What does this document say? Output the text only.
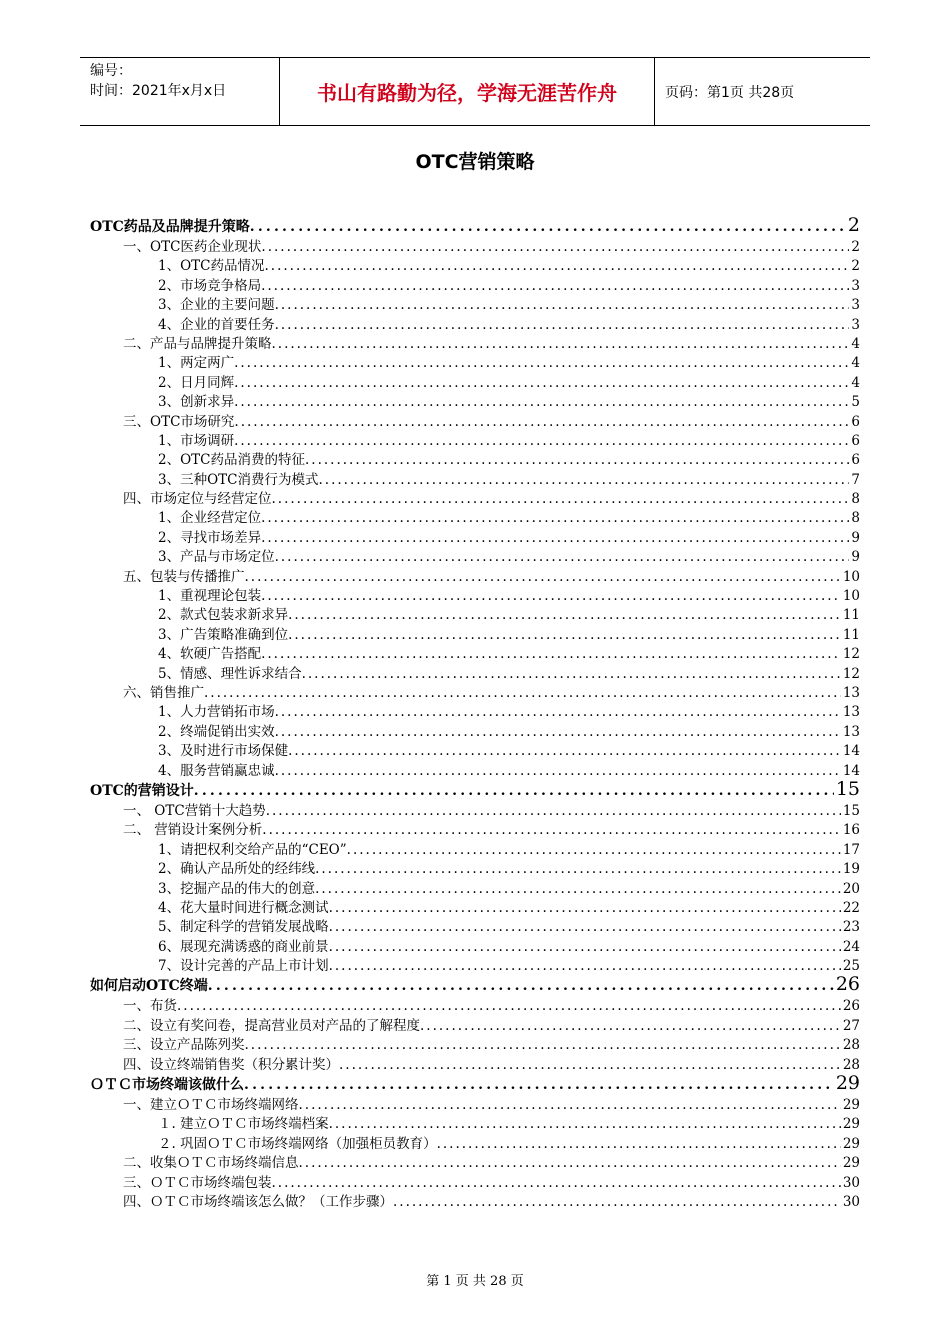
编号：
时间：2021年x月x日	书山有路勤为径，学海无涯苦作舟	页码：第1页 共28页
OTC营销策略
OTC药品及品牌提升策略 .....	2
一、OTC医药企业现状 .....	2
1、OTC药品情况 .....	2
2、市场竞争格局 .....	3
3、企业的主要问题 .....	3
4、企业的首要任务 .....	3
二、产品与品牌提升策略 .....	4
1、两定两广 .....	4
2、日月同辉 .....	4
3、创新求异 .....	5
三、OTC市场研究 .....	6
1、市场调研 .....	6
2、OTC药品消费的特征 .....	6
3、三种OTC消费行为模式 .....	7
四、市场定位与经营定位 .....	8
1、企业经营定位 .....	8
2、寻找市场差异 .....	9
3、产品与市场定位 .....	9
五、包装与传播推广 .....	10
1、重视理论包装 .....	10
2、款式包装求新求异 .....	11
3、广告策略准确到位 .....	11
4、软硬广告搭配 .....	12
5、情感、理性诉求结合 .....	12
六、销售推广 .....	13
1、人力营销拓市场 .....	13
2、终端促销出实效 .....	13
3、及时进行市场保健 .....	14
4、服务营销赢忠诚 .....	14
OTC的营销设计 .....	15
一、 OTC营销十大趋势 .....	15
二、 营销设计案例分析 .....	16
1、请把权利交给产品的“CEO” .....	17
2、确认产品所处的经纬线 .....	19
3、挖掘产品的伟大的创意 .....	20
4、花大量时间进行概念测试 .....	22
5、制定科学的营销发展战略 .....	23
6、展现充满诱惑的商业前景 .....	24
7、设计完善的产品上市计划 .....	25
如何启动OTC终端 .....	26
一、布货 .....	26
二、设立有奖问卷，提高营业员对产品的了解程度 .....	27
三、设立产品陈列奖 .....	28
四、设立终端销售奖（积分累计奖） .....	28
ＯＴＣ市场终端该做什么 .....	29
一、建立ＯＴＣ市场终端网络 .....	29
１. 建立ＯＴＣ市场终端档案 .....	29
２. 巩固ＯＴＣ市场终端网络（加强柜员教育） .....	29
二、收集ＯＴＣ市场终端信息 .....	29
三、ＯＴＣ市场终端包装 .....	30
四、ＯＴＣ市场终端该怎么做？（工作步骤） .....	30
第 1 页 共 28 页
